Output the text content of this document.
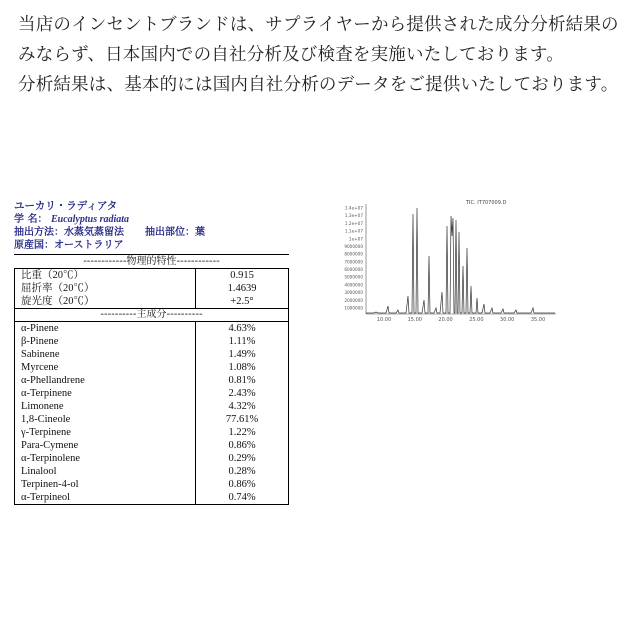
当店のインセントブランドは、サプライヤーから提供された成分分析結果のみならず、日本国内での自社分析及び検査を実施いたしております。

分析結果は、基本的には国内自社分析のデータをご提供いたしております。

ユーカリ・ラディアタ
学 名： Eucalyptus radiata
抽出方法：水蒸気蒸留法 抽出部位：葉
原産国：オーストラリア
------------物理的特性------------
比重（20℃）	0.915
屈折率（20℃）	1.4639
旋光度（20℃）	+2.5°

----------主成分----------	

α-Pinene	4.63%
β-Pinene	1.11%
Sabinene	1.49%
Myrcene	1.08%
α-Phellandrene	0.81%
α-Terpinene	2.43%
Limonene	4.32%
1,8-Cineole	77.61%
γ-Terpinene	1.22%
Para-Cymene	0.86%
α-Terpinolene	0.29%
Linalool	0.28%
Terpinen-4-ol	0.86%
α-Terpineol	0.74%
TIC: IT707009.D
1.4e+07
1.3e+07
1.2e+07
1.1e+07
1e+07
9000000
8000000
7000000
6000000
5000000
4000000
3000000
2000000
1000000
10.00	15.00	20.00	25.00	30.00	35.00
